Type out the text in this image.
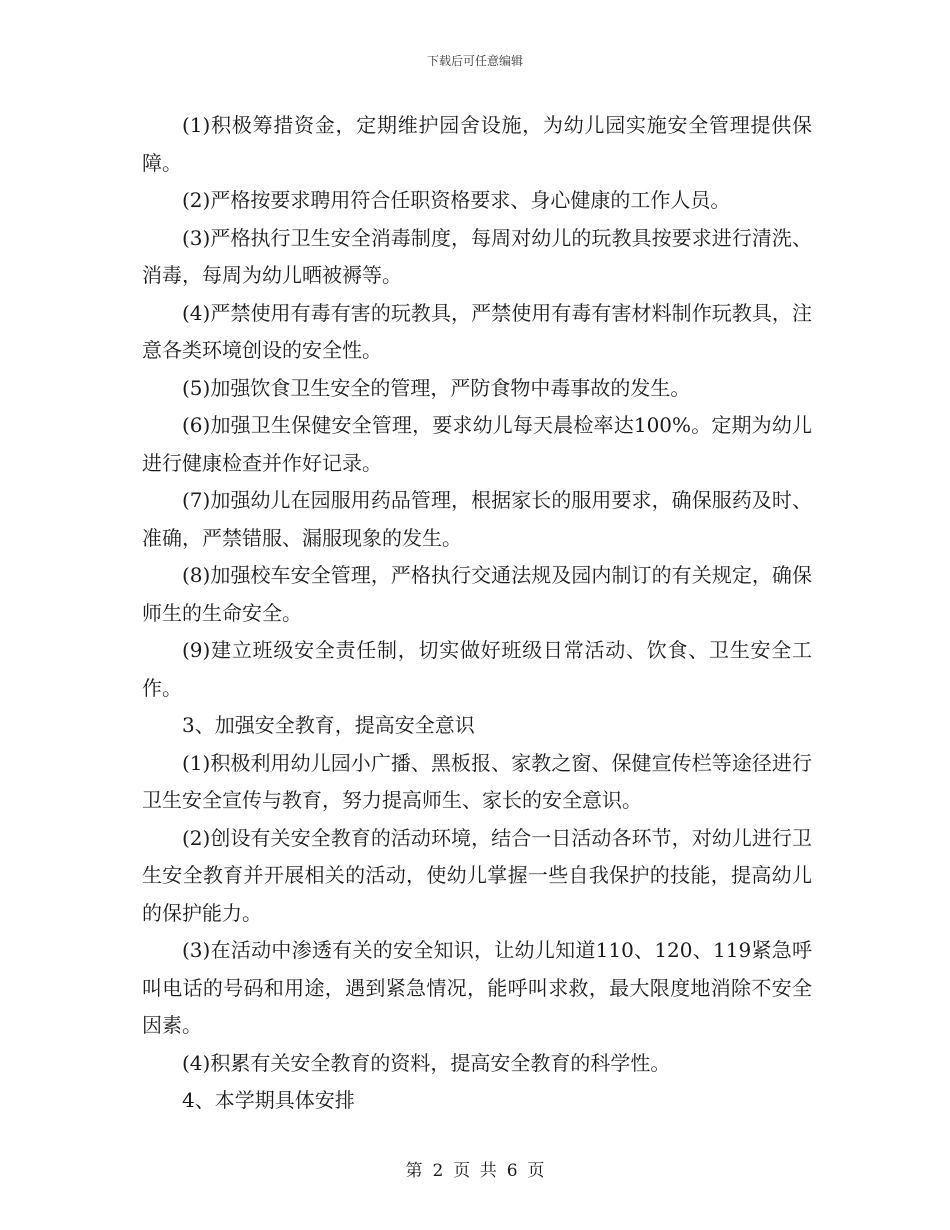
下载后可任意编辑

(1)积极筹措资金，定期维护园舍设施，为幼儿园实施安全管理提供保障。

(2)严格按要求聘用符合任职资格要求、身心健康的工作人员。

(3)严格执行卫生安全消毒制度，每周对幼儿的玩教具按要求进行清洗、消毒，每周为幼儿晒被褥等。

(4)严禁使用有毒有害的玩教具，严禁使用有毒有害材料制作玩教具，注意各类环境创设的安全性。

(5)加强饮食卫生安全的管理，严防食物中毒事故的发生。

(6)加强卫生保健安全管理，要求幼儿每天晨检率达100%。定期为幼儿进行健康检查并作好记录。

(7)加强幼儿在园服用药品管理，根据家长的服用要求，确保服药及时、准确，严禁错服、漏服现象的发生。

(8)加强校车安全管理，严格执行交通法规及园内制订的有关规定，确保师生的生命安全。

(9)建立班级安全责任制，切实做好班级日常活动、饮食、卫生安全工作。

3、加强安全教育，提高安全意识

(1)积极利用幼儿园小广播、黑板报、家教之窗、保健宣传栏等途径进行卫生安全宣传与教育，努力提高师生、家长的安全意识。

(2)创设有关安全教育的活动环境，结合一日活动各环节，对幼儿进行卫生安全教育并开展相关的活动，使幼儿掌握一些自我保护的技能，提高幼儿的保护能力。

(3)在活动中渗透有关的安全知识，让幼儿知道110、120、119紧急呼叫电话的号码和用途，遇到紧急情况，能呼叫求救，最大限度地消除不安全因素。

(4)积累有关安全教育的资料，提高安全教育的科学性。

4、本学期具体安排

第 2 页 共 6 页
